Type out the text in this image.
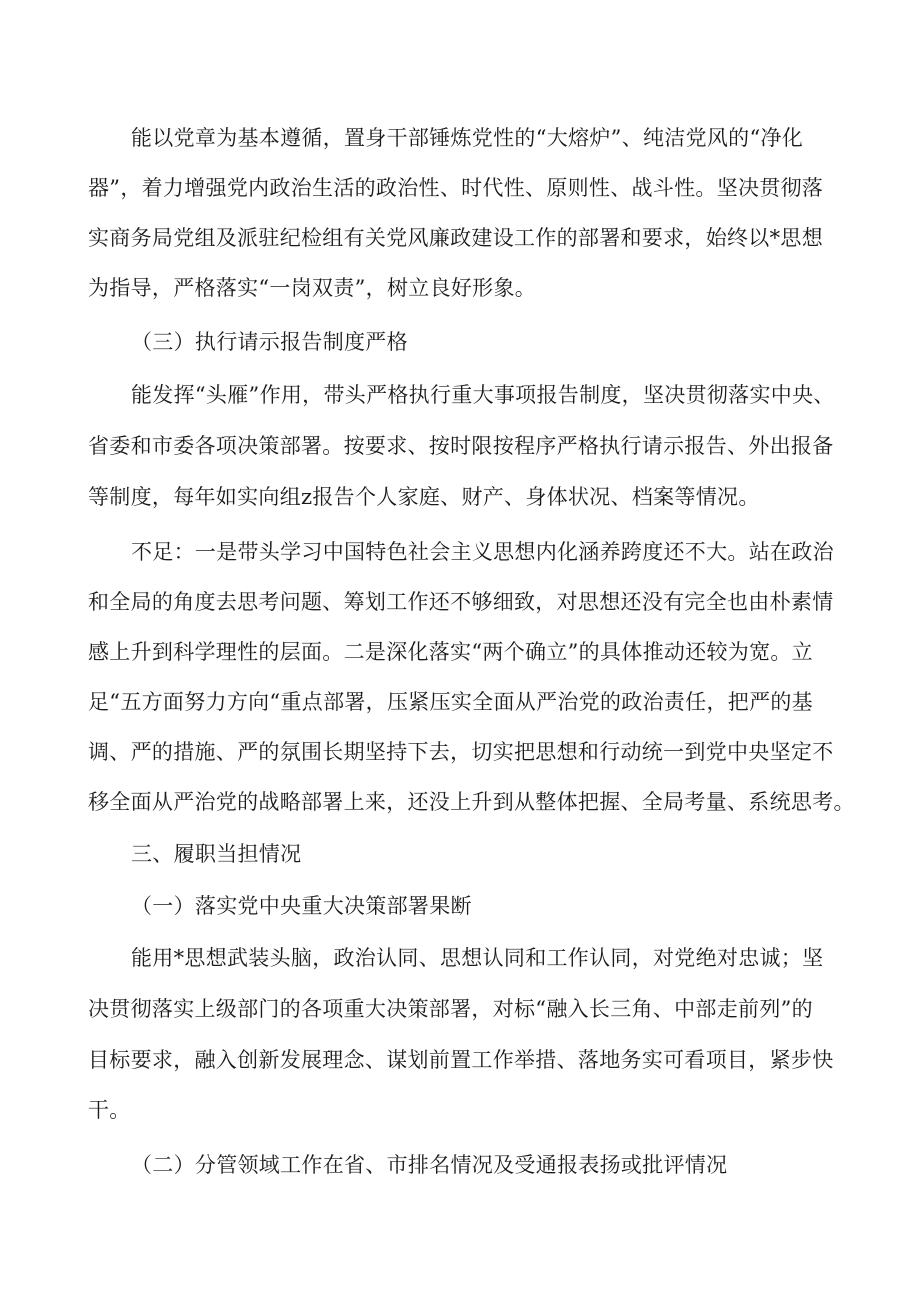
能以党章为基本遵循，置身干部锤炼党性的“大熔炉”、纯洁党风的“净化
器”，着力增强党内政治生活的政治性、时代性、原则性、战斗性。坚决贯彻落
实商务局党组及派驻纪检组有关党风廉政建设工作的部署和要求，始终以*思想
为指导，严格落实“一岗双责”，树立良好形象。
（三）执行请示报告制度严格
能发挥“头雁”作用，带头严格执行重大事项报告制度，坚决贯彻落实中央、
省委和市委各项决策部署。按要求、按时限按程序严格执行请示报告、外出报备
等制度，每年如实向组z报告个人家庭、财产、身体状况、档案等情况。
不足：一是带头学习中国特色社会主义思想内化涵养跨度还不大。站在政治
和全局的角度去思考问题、筹划工作还不够细致，对思想还没有完全也由朴素情
感上升到科学理性的层面。二是深化落实“两个确立”的具体推动还较为宽。立
足“五方面努力方向“重点部署，压紧压实全面从严治党的政治责任，把严的基
调、严的措施、严的氛围长期坚持下去，切实把思想和行动统一到党中央坚定不
移全面从严治党的战略部署上来，还没上升到从整体把握、全局考量、系统思考。
三、履职当担情况
（一）落实党中央重大决策部署果断
能用*思想武装头脑，政治认同、思想认同和工作认同，对党绝对忠诚；坚
决贯彻落实上级部门的各项重大决策部署，对标“融入长三角、中部走前列”的
目标要求，融入创新发展理念、谋划前置工作举措、落地务实可看项目，紧步快
干。
（二）分管领域工作在省、市排名情况及受通报表扬或批评情况
